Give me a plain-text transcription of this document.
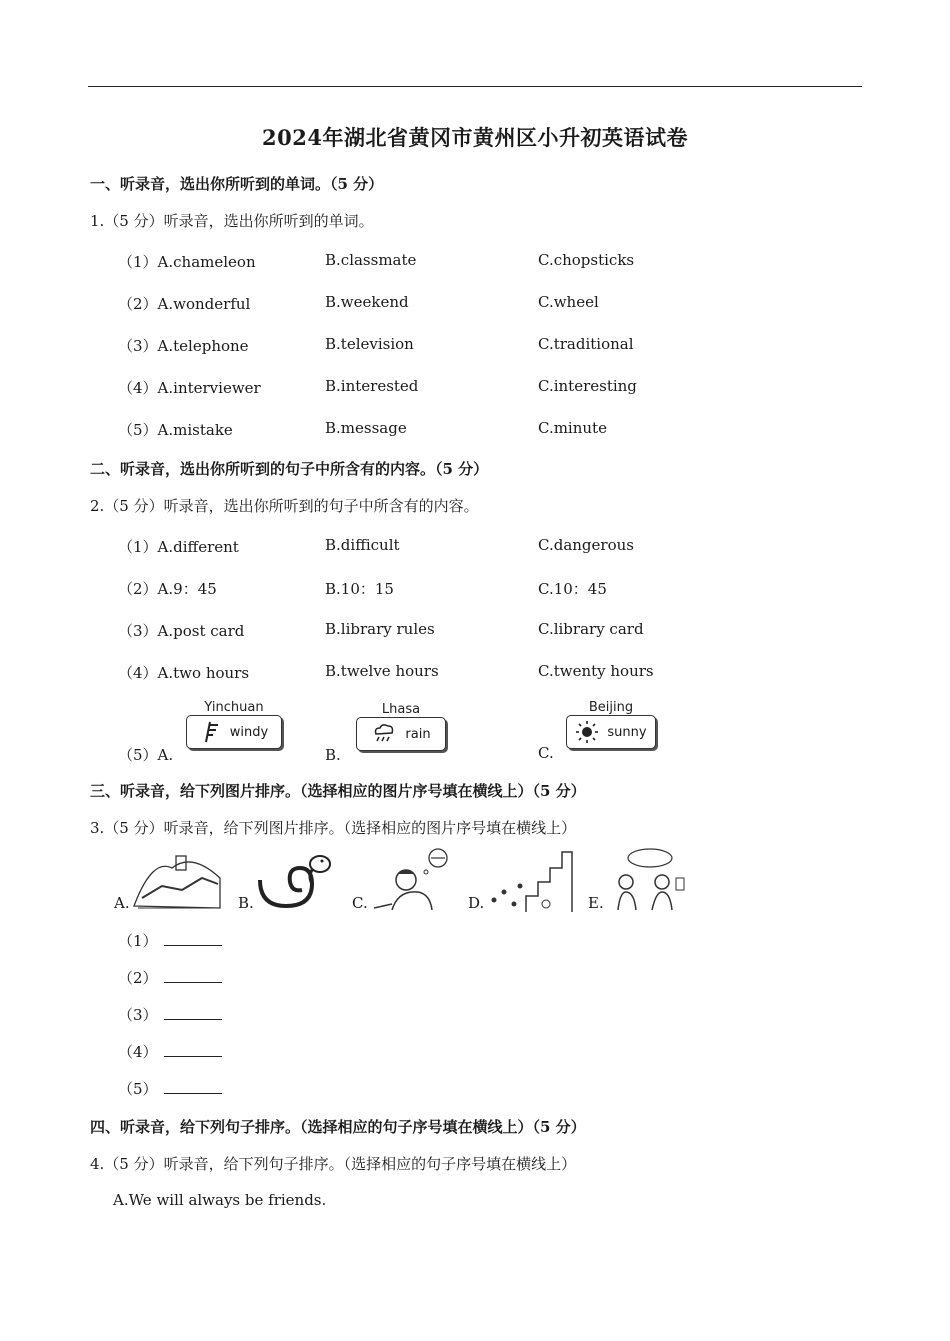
2024年湖北省黄冈市黄州区小升初英语试卷
一、听录音，选出你所听到的单词。（5 分）
1.（5 分）听录音，选出你所听到的单词。
（1）A.chameleon	B.classmate	C.chopsticks
（2）A.wonderful	B.weekend	C.wheel
（3）A.telephone	B.television	C.traditional
（4）A.interviewer	B.interested	C.interesting
（5）A.mistake	B.message	C.minute
二、听录音，选出你所听到的句子中所含有的内容。（5 分）
2.（5 分）听录音，选出你所听到的句子中所含有的内容。
（1）A.different	B.difficult	C.dangerous
（2）A.9：45	B.10：15	C.10：45
（3）A.post card	B.library rules	C.library card
（4）A.two hours	B.twelve hours	C.twenty hours
（5）A.
Yinchuan
windy
B.
Lhasa
rain
C.
Beijing
sunny
三、听录音，给下列图片排序。（选择相应的图片序号填在横线上）（5 分）
3.（5 分）听录音，给下列图片排序。（选择相应的图片序号填在横线上）
A.	B.	C.	D.	E.
（1）
（2）
（3）
（4）
（5）
四、听录音，给下列句子排序。（选择相应的句子序号填在横线上）（5 分）
4.（5 分）听录音，给下列句子排序。（选择相应的句子序号填在横线上）
A.We will always be friends.
